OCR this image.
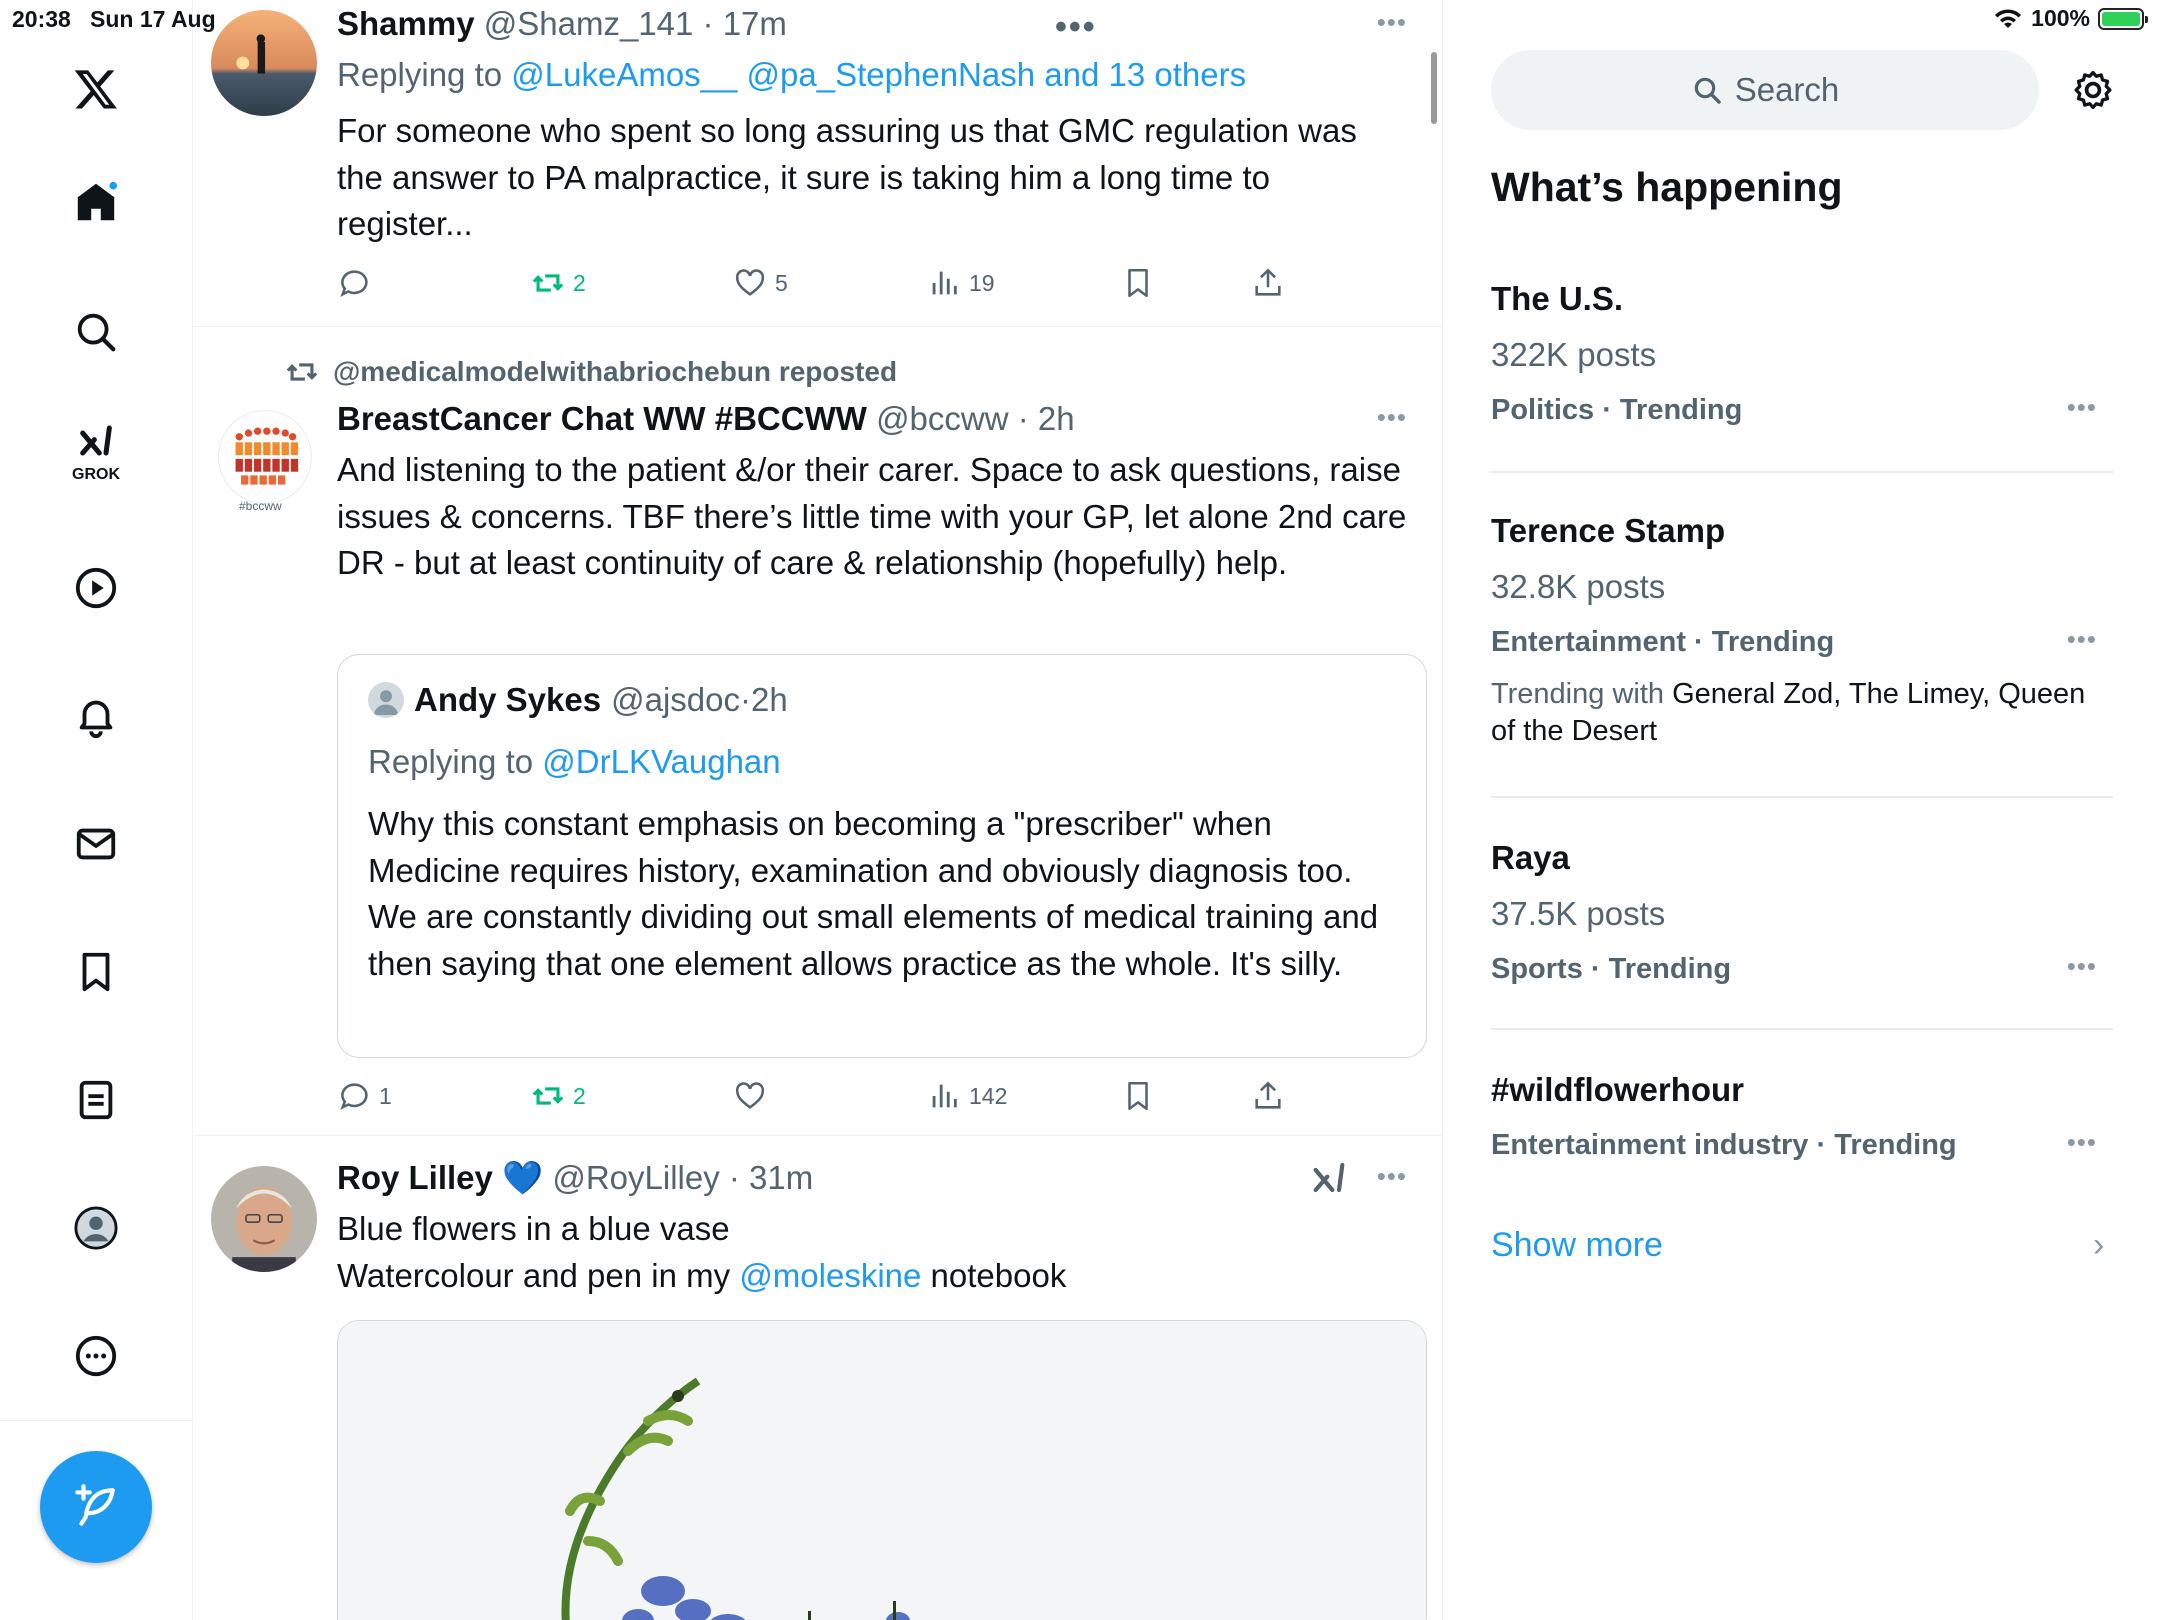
20:38 Sun 17 Aug	100%
GROK
•••
Shammy @Shamz_141 · 17m	•••
Replying to @LukeAmos__ @pa_StephenNash and 13 others
For someone who spent so long assuring us that GMC regulation was the answer to PA malpractice, it sure is taking him a long time to register...
2	5	19
@medicalmodelwithabriochebun reposted
#bccww
BreastCancer Chat WW #BCCWW @bccww · 2h	•••
And listening to the patient &/or their carer. Space to ask questions, raise issues & concerns. TBF there’s little time with your GP, let alone 2nd care DR - but at least continuity of care & relationship (hopefully) help.
Andy Sykes @ajsdoc · 2h
Replying to @DrLKVaughan
Why this constant emphasis on becoming a "prescriber" when Medicine requires history, examination and obviously diagnosis too. We are constantly dividing out small elements of medical training and then saying that one element allows practice as the whole. It's silly.
1	2	142
Roy Lilley 💙 @RoyLilley · 31m	•••
Blue flowers in a blue vase
Watercolour and pen in my @moleskine notebook
Search
What’s happening
The U.S.
322K posts
Politics · Trending	•••
Terence Stamp
32.8K posts
Entertainment · Trending
Trending with General Zod, The Limey, Queen of the Desert
•••
Raya
37.5K posts
Sports · Trending	•••
#wildflowerhour
Entertainment industry · Trending	•••
Show more	›
